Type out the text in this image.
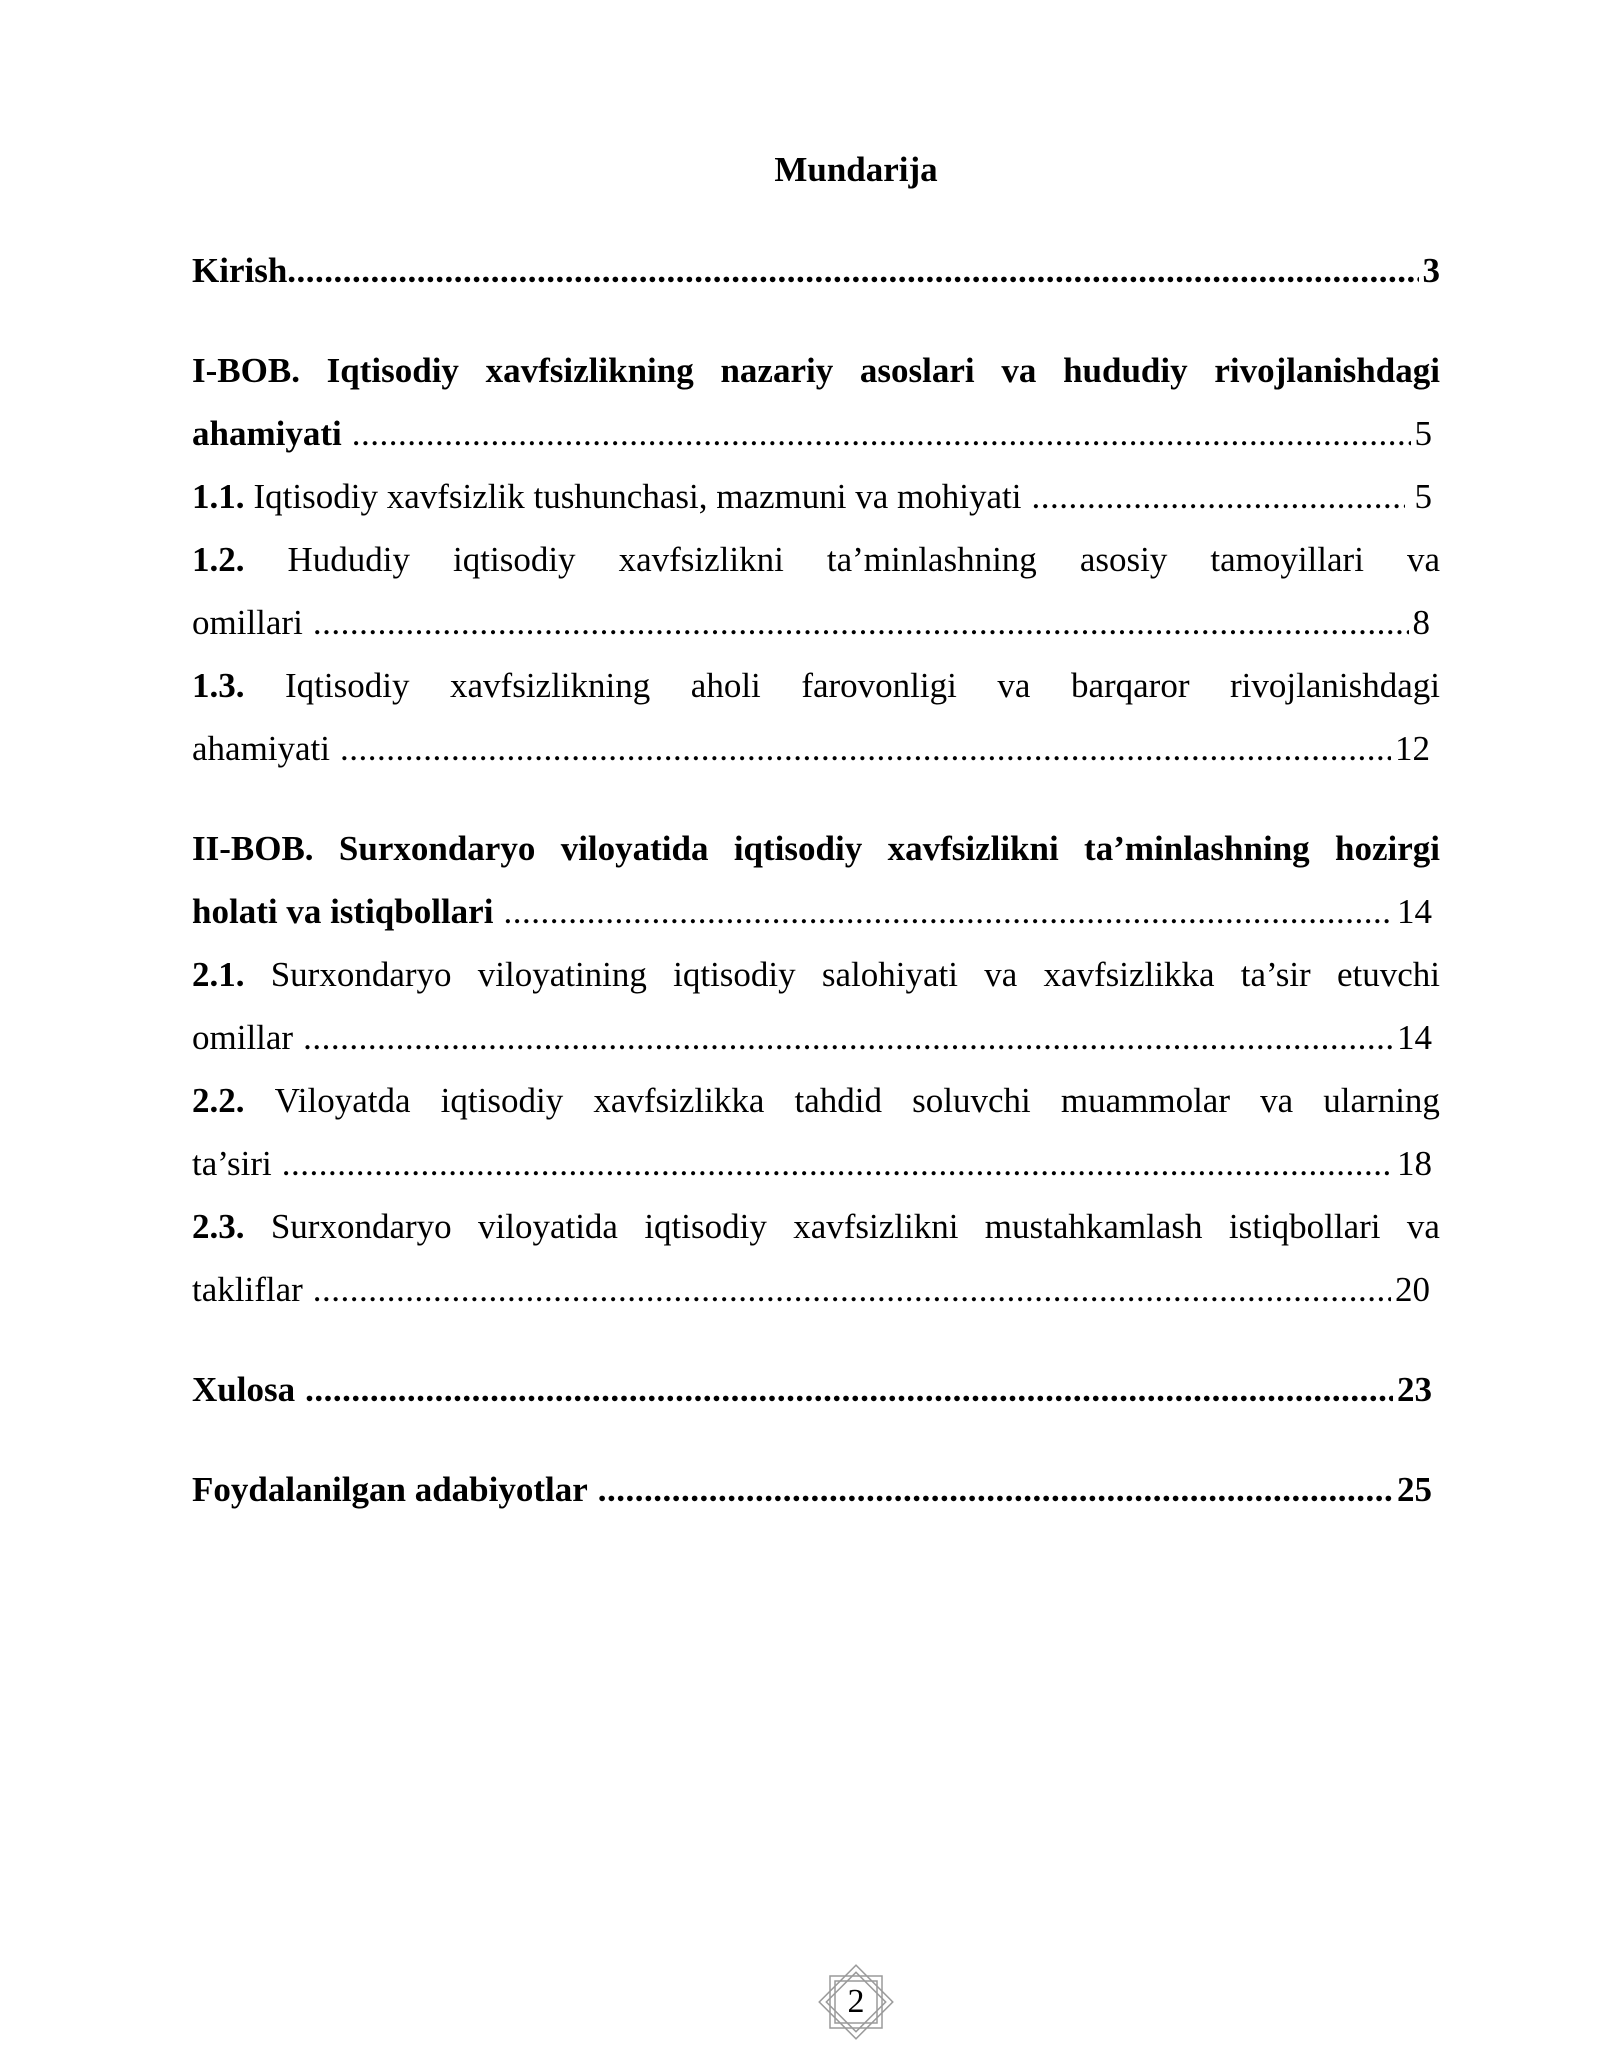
Mundarija
Kirish .....	3
I-BOB. Iqtisodiy xavfsizlikning nazariy asoslari va hududiy rivojlanishdagi
ahamiyati .....	5
1.1. Iqtisodiy xavfsizlik tushunchasi, mazmuni va mohiyati .....	5
1.2. Hududiy iqtisodiy xavfsizlikni ta’minlashning asosiy tamoyillari va
omillari .....	8
1.3. Iqtisodiy xavfsizlikning aholi farovonligi va barqaror rivojlanishdagi
ahamiyati .....	12
II-BOB. Surxondaryo viloyatida iqtisodiy xavfsizlikni ta’minlashning hozirgi
holati va istiqbollari .....	14
2.1. Surxondaryo viloyatining iqtisodiy salohiyati va xavfsizlikka ta’sir etuvchi
omillar .....	14
2.2. Viloyatda iqtisodiy xavfsizlikka tahdid soluvchi muammolar va ularning
ta’siri .....	18
2.3. Surxondaryo viloyatida iqtisodiy xavfsizlikni mustahkamlash istiqbollari va
takliflar .....	20
Xulosa .....	23
Foydalanilgan adabiyotlar .....	25
2
